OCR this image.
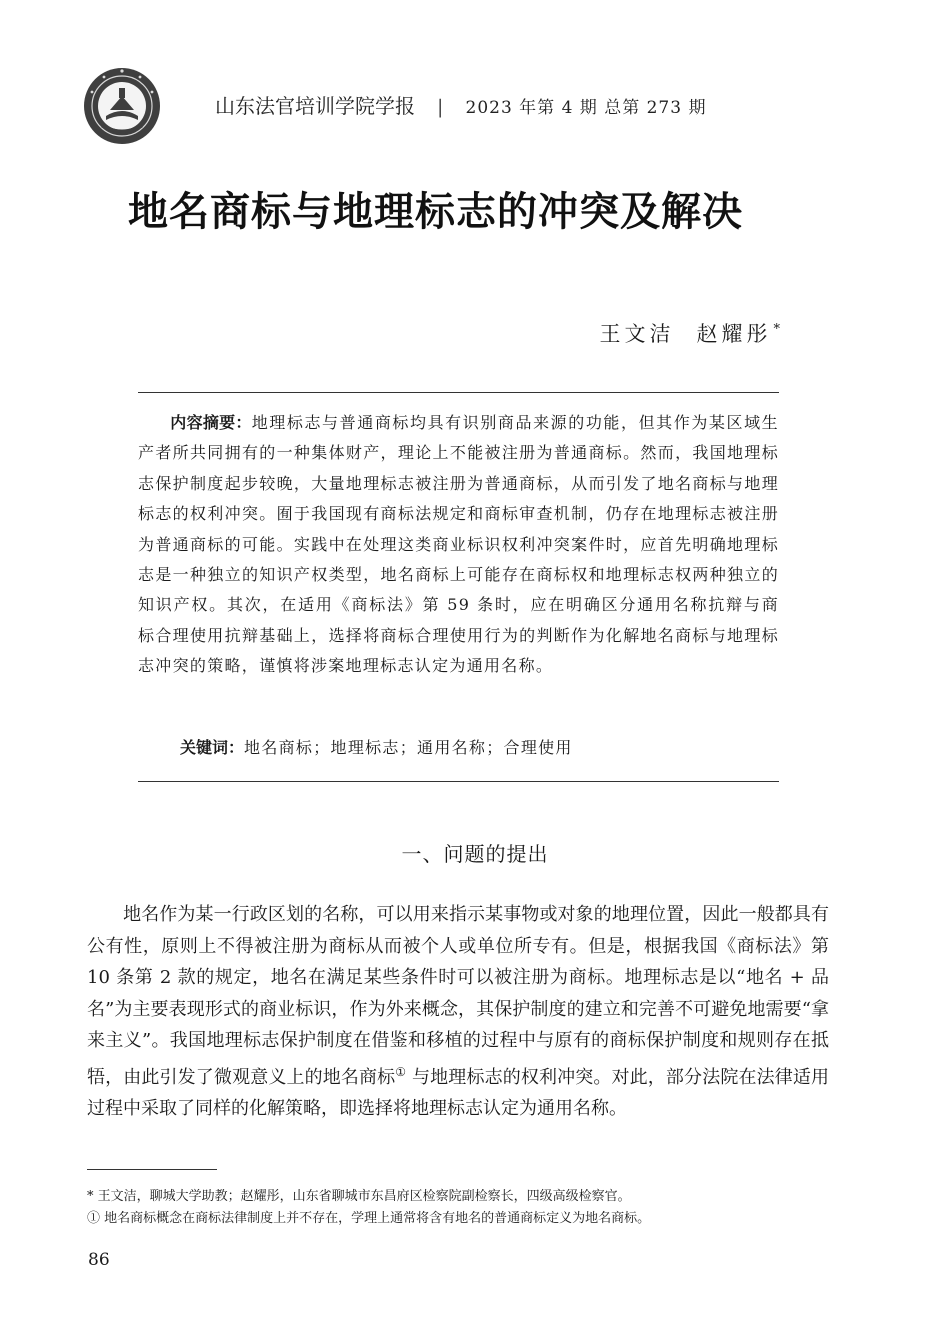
山东法官培训学院学报 | 2023 年第 4 期 总第 273 期
地名商标与地理标志的冲突及解决
王文洁 赵耀彤 *

内容摘要：地理标志与普通商标均具有识别商品来源的功能，但其作为某区域生产者所共同拥有的一种集体财产，理论上不能被注册为普通商标。然而，我国地理标志保护制度起步较晚，大量地理标志被注册为普通商标，从而引发了地名商标与地理标志的权利冲突。囿于我国现有商标法规定和商标审查机制，仍存在地理标志被注册为普通商标的可能。实践中在处理这类商业标识权利冲突案件时，应首先明确地理标志是一种独立的知识产权类型，地名商标上可能存在商标权和地理标志权两种独立的知识产权。其次，在适用《商标法》第 59 条时，应在明确区分通用名称抗辩与商标合理使用抗辩基础上，选择将商标合理使用行为的判断作为化解地名商标与地理标志冲突的策略，谨慎将涉案地理标志认定为通用名称。

关键词：地名商标；地理标志；通用名称；合理使用

一、问题的提出

地名作为某一行政区划的名称，可以用来指示某事物或对象的地理位置，因此一般都具有公有性，原则上不得被注册为商标从而被个人或单位所专有。但是，根据我国《商标法》第 10 条第 2 款的规定，地名在满足某些条件时可以被注册为商标。地理标志是以“地名 + 品名”为主要表现形式的商业标识，作为外来概念，其保护制度的建立和完善不可避免地需要“拿来主义”。我国地理标志保护制度在借鉴和移植的过程中与原有的商标保护制度和规则存在抵牾，由此引发了微观意义上的地名商标① 与地理标志的权利冲突。对此，部分法院在法律适用过程中采取了同样的化解策略，即选择将地理标志认定为通用名称。

* 王文洁，聊城大学助教；赵耀彤，山东省聊城市东昌府区检察院副检察长，四级高级检察官。

① 地名商标概念在商标法律制度上并不存在，学理上通常将含有地名的普通商标定义为地名商标。

86
